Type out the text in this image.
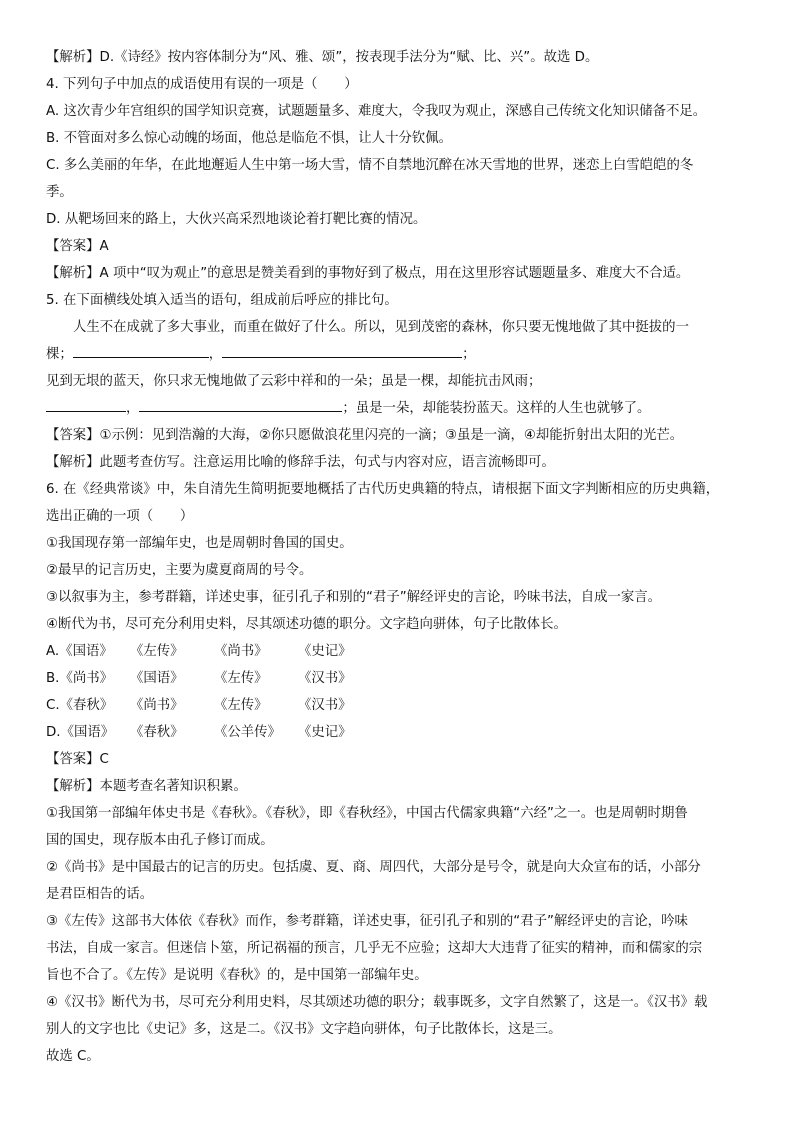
【解析】D.《诗经》按内容体制分为“风、雅、颂”，按表现手法分为“赋、比、兴”。故选 D。
4. 下列句子中加点的成语使用有误的一项是（　　）
A. 这次青少年宫组织的国学知识竞赛，试题题量多、难度大，令我叹为观止，深感自己传统文化知识储备不足。
B. 不管面对多么惊心动魄的场面，他总是临危不惧，让人十分钦佩。
C. 多么美丽的年华，在此地邂逅人生中第一场大雪，情不自禁地沉醉在冰天雪地的世界，迷恋上白雪皑皑的冬
季。
D. 从靶场回来的路上，大伙兴高采烈地谈论着打靶比赛的情况。
【答案】A
【解析】A 项中“叹为观止”的意思是赞美看到的事物好到了极点，用在这里形容试题题量多、难度大不合适。
5. 在下面横线处填入适当的语句，组成前后呼应的排比句。
人生不在成就了多大事业，而重在做好了什么。所以，见到茂密的森林，你只要无愧地做了其中挺拔的一
棵；	，	；
见到无垠的蓝天，你只求无愧地做了云彩中祥和的一朵；虽是一棵，却能抗击风雨；
，	；虽是一朵，却能装扮蓝天。这样的人生也就够了。
【答案】①示例：见到浩瀚的大海，②你只愿做浪花里闪亮的一滴；③虽是一滴，④却能折射出太阳的光芒。
【解析】此题考查仿写。注意运用比喻的修辞手法，句式与内容对应，语言流畅即可。
6. 在《经典常谈》中，朱自清先生简明扼要地概括了古代历史典籍的特点，请根据下面文字判断相应的历史典籍，
选出正确的一项（　　）
①我国现存第一部编年史，也是周朝时鲁国的国史。
②最早的记言历史，主要为虞夏商周的号令。
③以叙事为主，参考群籍，详述史事，征引孔子和别的“君子”解经评史的言论，吟味书法，自成一家言。
④断代为书，尽可充分利用史料，尽其颂述功德的职分。文字趋向骈体，句子比散体长。
A.《国语》 《左传》 《尚书》 《史记》
B.《尚书》 《国语》 《左传》 《汉书》
C.《春秋》 《尚书》 《左传》 《汉书》
D.《国语》 《春秋》 《公羊传》 《史记》
【答案】C
【解析】本题考查名著知识积累。
①我国第一部编年体史书是《春秋》。《春秋》，即《春秋经》，中国古代儒家典籍“六经”之一。也是周朝时期鲁
国的国史，现存版本由孔子修订而成。
②《尚书》是中国最古的记言的历史。包括虞、夏、商、周四代，大部分是号令，就是向大众宣布的话，小部分
是君臣相告的话。
③《左传》这部书大体依《春秋》而作，参考群籍，详述史事，征引孔子和别的“君子”解经评史的言论，吟味
书法，自成一家言。但迷信卜筮，所记祸福的预言，几乎无不应验；这却大大违背了征实的精神，而和儒家的宗
旨也不合了。《左传》是说明《春秋》的，是中国第一部编年史。
④《汉书》断代为书，尽可充分利用史料，尽其颂述功德的职分；载事既多，文字自然繁了，这是一。《汉书》载
别人的文字也比《史记》多，这是二。《汉书》文字趋向骈体，句子比散体长，这是三。
故选 C。
